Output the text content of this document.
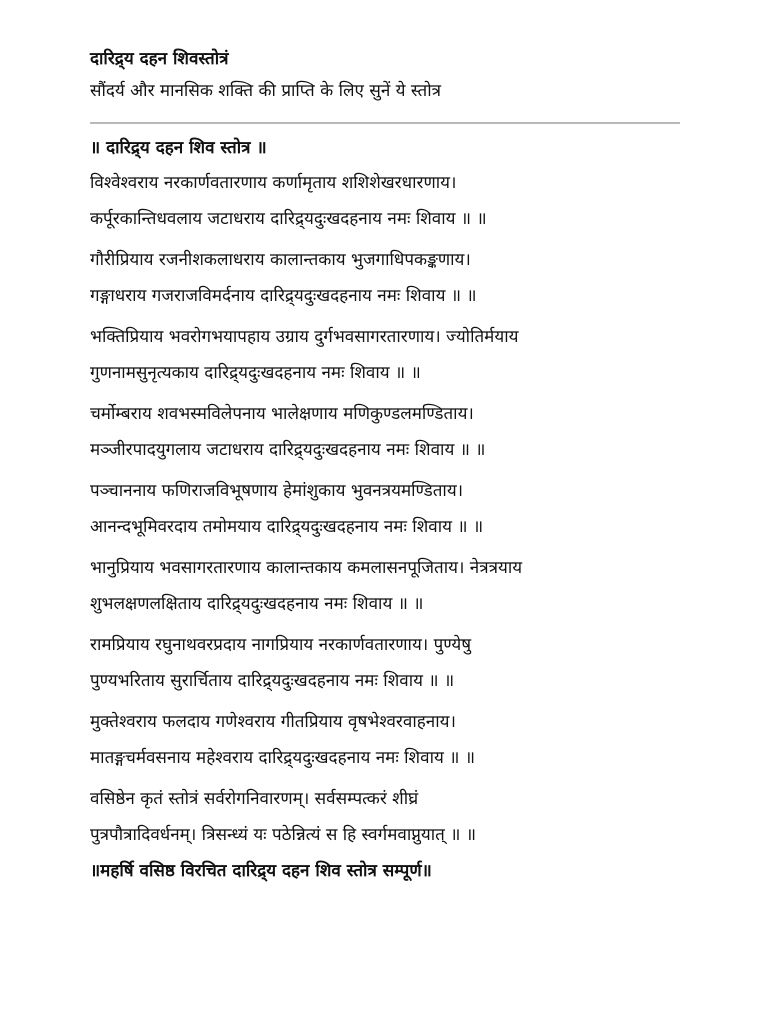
दारिद्र्य दहन शिवस्तोत्रं
सौंदर्य और मानसिक शक्ति की प्राप्ति के लिए सुनें ये स्तोत्र
॥ दारिद्र्य दहन शिव स्तोत्र ॥
विश्वेश्वराय नरकार्णवतारणाय कर्णामृताय शशिशेखरधारणाय।
कर्पूरकान्तिधवलाय जटाधराय दारिद्र्यदुःखदहनाय नमः शिवाय ॥ ॥
गौरीप्रियाय रजनीशकलाधराय कालान्तकाय भुजगाधिपकङ्कणाय।
गङ्गाधराय गजराजविमर्दनाय दारिद्र्यदुःखदहनाय नमः शिवाय ॥ ॥
भक्तिप्रियाय भवरोगभयापहाय उग्राय दुर्गभवसागरतारणाय। ज्योतिर्मयाय
गुणनामसुनृत्यकाय दारिद्र्यदुःखदहनाय नमः शिवाय ॥ ॥
चर्मोम्बराय शवभस्मविलेपनाय भालेक्षणाय मणिकुण्डलमण्डिताय।
मञ्जीरपादयुगलाय जटाधराय दारिद्र्यदुःखदहनाय नमः शिवाय ॥ ॥
पञ्चाननाय फणिराजविभूषणाय हेमांशुकाय भुवनत्रयमण्डिताय।
आनन्दभूमिवरदाय तमोमयाय दारिद्र्यदुःखदहनाय नमः शिवाय ॥ ॥
भानुप्रियाय भवसागरतारणाय कालान्तकाय कमलासनपूजिताय। नेत्रत्रयाय
शुभलक्षणलक्षिताय दारिद्र्यदुःखदहनाय नमः शिवाय ॥ ॥
रामप्रियाय रघुनाथवरप्रदाय नागप्रियाय नरकार्णवतारणाय। पुण्येषु
पुण्यभरिताय सुरार्चिताय दारिद्र्यदुःखदहनाय नमः शिवाय ॥ ॥
मुक्तेश्वराय फलदाय गणेश्वराय गीतप्रियाय वृषभेश्वरवाहनाय।
मातङ्गचर्मवसनाय महेश्वराय दारिद्र्यदुःखदहनाय नमः शिवाय ॥ ॥
वसिष्ठेन कृतं स्तोत्रं सर्वरोगनिवारणम्। सर्वसम्पत्करं शीघ्रं
पुत्रपौत्रादिवर्धनम्। त्रिसन्ध्यं यः पठेन्नित्यं स हि स्वर्गमवाप्नुयात् ॥ ॥
॥महर्षि वसिष्ठ विरचित दारिद्र्य दहन शिव स्तोत्र सम्पूर्ण॥
